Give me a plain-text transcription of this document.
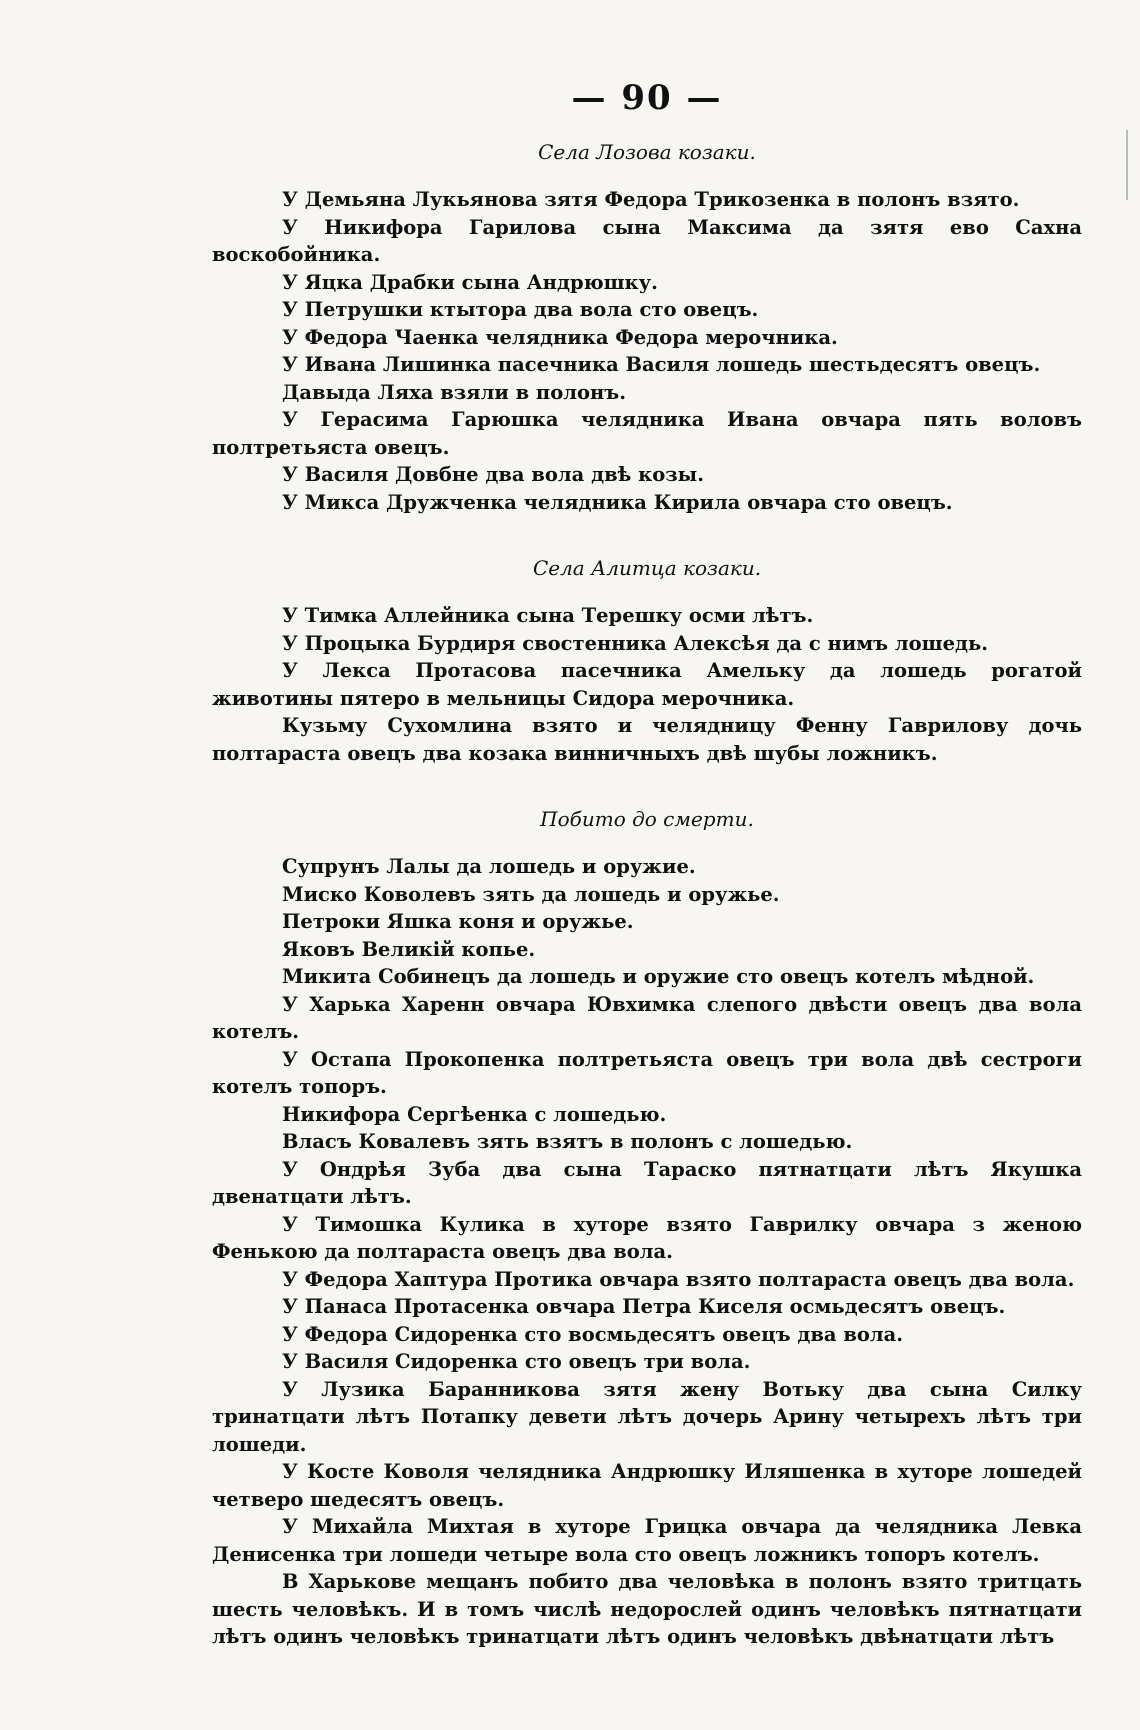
— 90 —
Села Лозова козаки.

У Демьяна Лукьянова зятя Федора Трикозенка в полонъ взято.

У Никифора Гарилова сына Максима да зятя ево Сахна воскобойника.

У Яцка Драбки сына Андрюшку.

У Петрушки ктытора два вола сто овецъ.

У Федора Чаенка челядника Федора мерочника.

У Ивана Лишинка пасечника Василя лошедь шестьдесятъ овецъ.

Давыда Ляха взяли в полонъ.

У Герасима Гарюшка челядника Ивана овчара пять воловъ полтретьяста овецъ.

У Василя Довбне два вола двѣ козы.

У Микса Дружченка челядника Кирила овчара сто овецъ.

Села Алитца козаки.

У Тимка Аллейника сына Терешку осми лѣтъ.

У Процыка Бурдиря свостенника Алексѣя да с нимъ лошедь.

У Лекса Протасова пасечника Амельку да лошедь рогатой животины пятеро в мельницы Сидора мерочника.

Кузьму Сухомлина взято и челядницу Фенну Гаврилову дочь полтараста овецъ два козака винничныхъ двѣ шубы ложникъ.

Побито до смерти.

Супрунъ Лалы да лошедь и оружие.

Миско Коволевъ зять да лошедь и оружье.

Петроки Яшка коня и оружье.

Яковъ Великій копье.

Микита Собинецъ да лошедь и оружие сто овецъ котелъ мѣдной.

У Харька Харенн овчара Ювхимка слепого двѣсти овецъ два вола котелъ.

У Остапа Прокопенка полтретьяста овецъ три вола двѣ сестроги котелъ топоръ.

Никифора Сергѣенка с лошедью.

Власъ Ковалевъ зять взятъ в полонъ с лошедью.

У Ондрѣя Зуба два сына Тараско пятнатцати лѣтъ Якушка двенатцати лѣтъ.

У Тимошка Кулика в хуторе взято Гаврилку овчара з женою Фенькою да полтараста овецъ два вола.

У Федора Хаптура Протика овчара взято полтараста овецъ два вола.

У Панаса Протасенка овчара Петра Киселя осмьдесятъ овецъ.

У Федора Сидоренка сто восмьдесятъ овецъ два вола.

У Василя Сидоренка сто овецъ три вола.

У Лузика Баранникова зятя жену Вотьку два сына Силку тринатцати лѣтъ Потапку девети лѣтъ дочерь Арину четырехъ лѣтъ три лошеди.

У Косте Коволя челядника Андрюшку Иляшенка в хуторе лошедей четверо шедесятъ овецъ.

У Михайла Михтая в хуторе Грицка овчара да челядника Левка Денисенка три лошеди четыре вола сто овецъ ложникъ топоръ котелъ.

В Харькове мещанъ побито два человѣка в полонъ взято тритцать шесть человѣкъ. И в томъ числѣ недорослей одинъ человѣкъ пятнатцати лѣтъ одинъ человѣкъ тринатцати лѣтъ одинъ человѣкъ двѣнатцати лѣтъ
